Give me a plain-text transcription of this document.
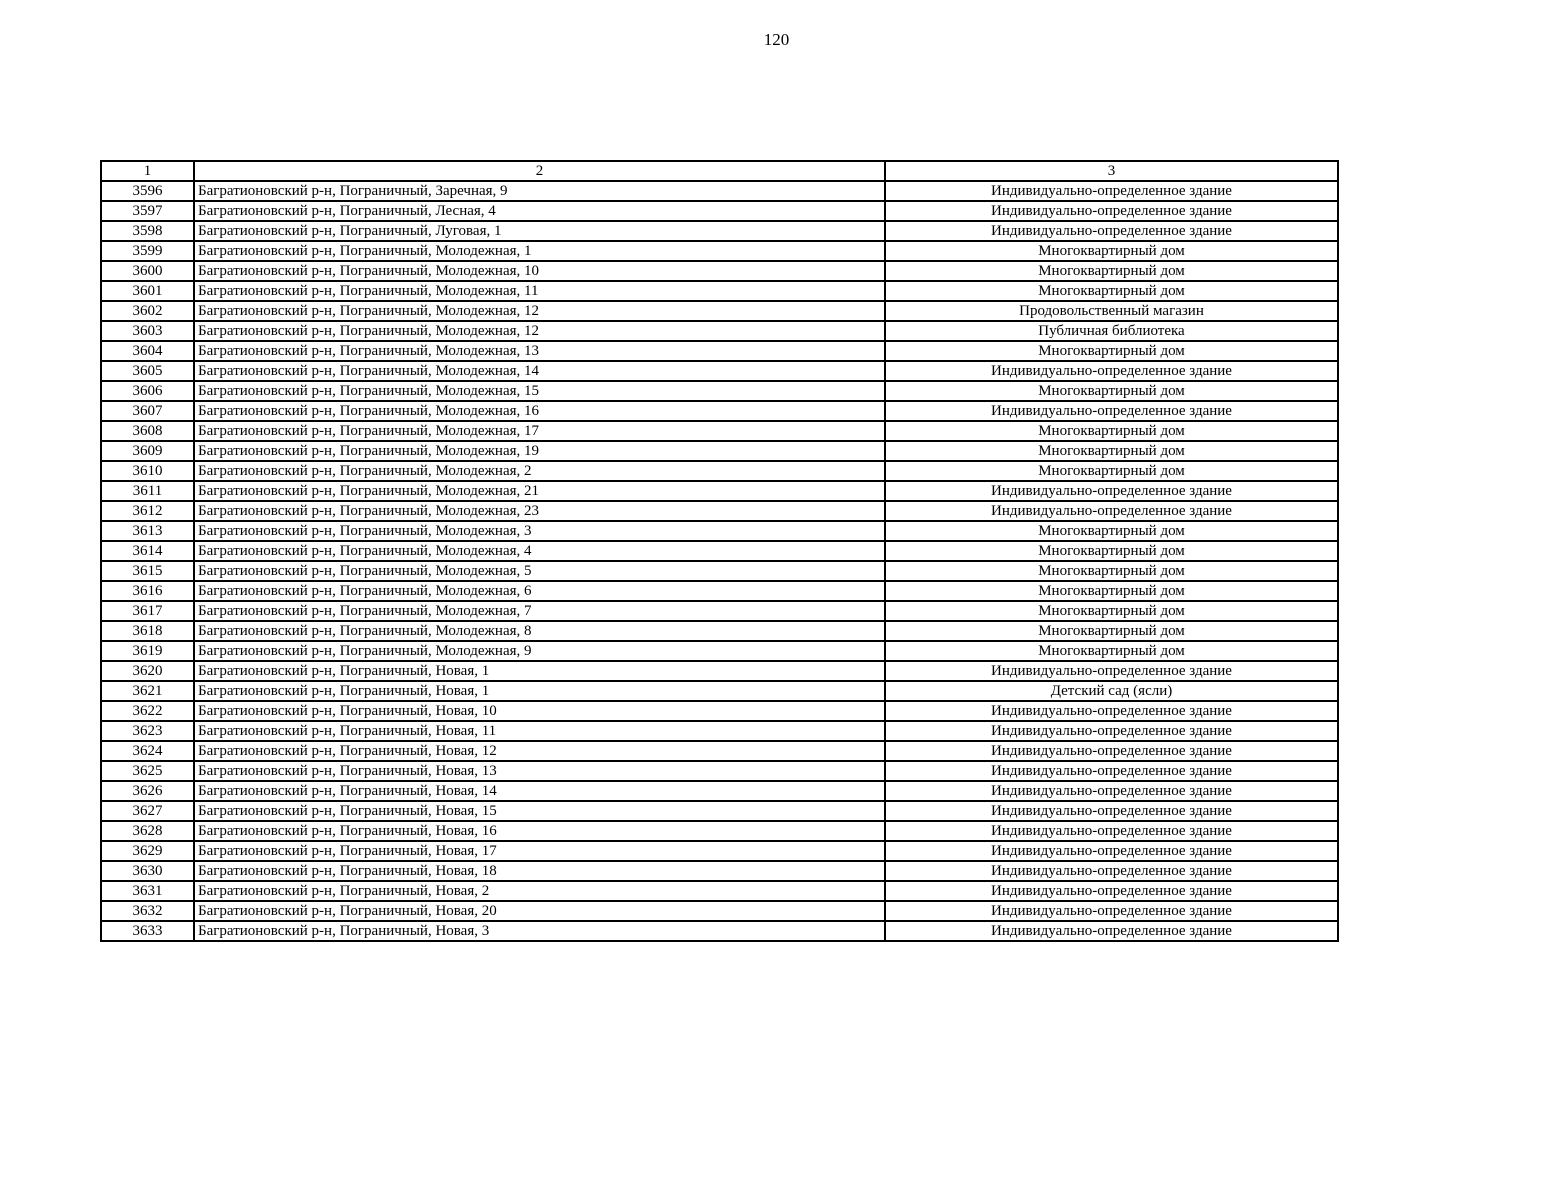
120
1	2	3
3596	Багратионовский р-н, Пограничный, Заречная, 9	Индивидуально-определенное здание
3597	Багратионовский р-н, Пограничный, Лесная, 4	Индивидуально-определенное здание
3598	Багратионовский р-н, Пограничный, Луговая, 1	Индивидуально-определенное здание
3599	Багратионовский р-н, Пограничный, Молодежная, 1	Многоквартирный дом
3600	Багратионовский р-н, Пограничный, Молодежная, 10	Многоквартирный дом
3601	Багратионовский р-н, Пограничный, Молодежная, 11	Многоквартирный дом
3602	Багратионовский р-н, Пограничный, Молодежная, 12	Продовольственный магазин
3603	Багратионовский р-н, Пограничный, Молодежная, 12	Публичная библиотека
3604	Багратионовский р-н, Пограничный, Молодежная, 13	Многоквартирный дом
3605	Багратионовский р-н, Пограничный, Молодежная, 14	Индивидуально-определенное здание
3606	Багратионовский р-н, Пограничный, Молодежная, 15	Многоквартирный дом
3607	Багратионовский р-н, Пограничный, Молодежная, 16	Индивидуально-определенное здание
3608	Багратионовский р-н, Пограничный, Молодежная, 17	Многоквартирный дом
3609	Багратионовский р-н, Пограничный, Молодежная, 19	Многоквартирный дом
3610	Багратионовский р-н, Пограничный, Молодежная, 2	Многоквартирный дом
3611	Багратионовский р-н, Пограничный, Молодежная, 21	Индивидуально-определенное здание
3612	Багратионовский р-н, Пограничный, Молодежная, 23	Индивидуально-определенное здание
3613	Багратионовский р-н, Пограничный, Молодежная, 3	Многоквартирный дом
3614	Багратионовский р-н, Пограничный, Молодежная, 4	Многоквартирный дом
3615	Багратионовский р-н, Пограничный, Молодежная, 5	Многоквартирный дом
3616	Багратионовский р-н, Пограничный, Молодежная, 6	Многоквартирный дом
3617	Багратионовский р-н, Пограничный, Молодежная, 7	Многоквартирный дом
3618	Багратионовский р-н, Пограничный, Молодежная, 8	Многоквартирный дом
3619	Багратионовский р-н, Пограничный, Молодежная, 9	Многоквартирный дом
3620	Багратионовский р-н, Пограничный, Новая, 1	Индивидуально-определенное здание
3621	Багратионовский р-н, Пограничный, Новая, 1	Детский сад (ясли)
3622	Багратионовский р-н, Пограничный, Новая, 10	Индивидуально-определенное здание
3623	Багратионовский р-н, Пограничный, Новая, 11	Индивидуально-определенное здание
3624	Багратионовский р-н, Пограничный, Новая, 12	Индивидуально-определенное здание
3625	Багратионовский р-н, Пограничный, Новая, 13	Индивидуально-определенное здание
3626	Багратионовский р-н, Пограничный, Новая, 14	Индивидуально-определенное здание
3627	Багратионовский р-н, Пограничный, Новая, 15	Индивидуально-определенное здание
3628	Багратионовский р-н, Пограничный, Новая, 16	Индивидуально-определенное здание
3629	Багратионовский р-н, Пограничный, Новая, 17	Индивидуально-определенное здание
3630	Багратионовский р-н, Пограничный, Новая, 18	Индивидуально-определенное здание
3631	Багратионовский р-н, Пограничный, Новая, 2	Индивидуально-определенное здание
3632	Багратионовский р-н, Пограничный, Новая, 20	Индивидуально-определенное здание
3633	Багратионовский р-н, Пограничный, Новая, 3	Индивидуально-определенное здание
